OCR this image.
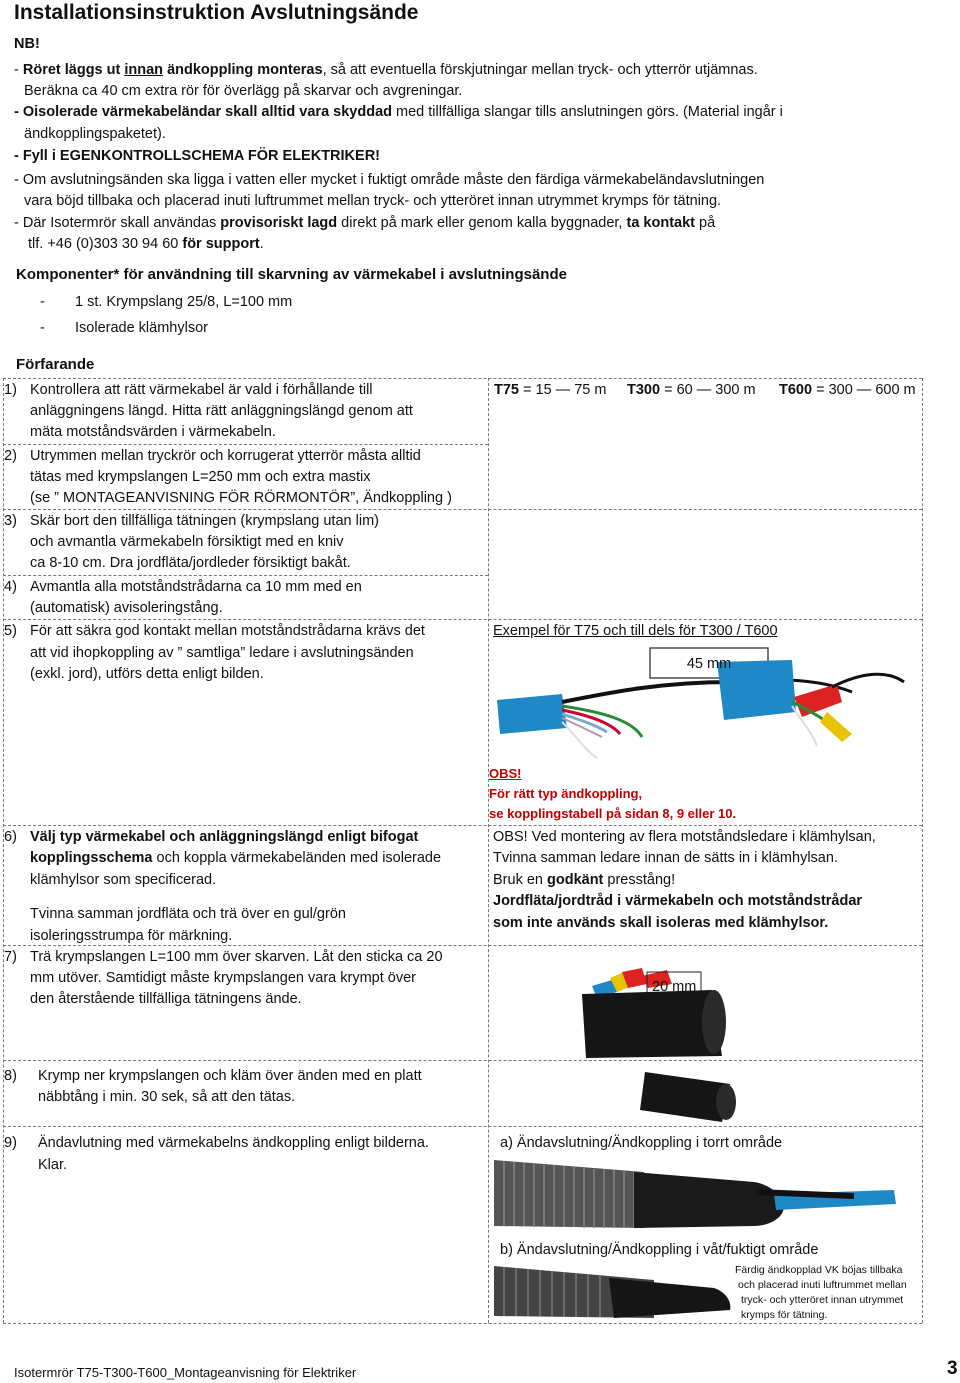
Installationsinstruktion Avslutningsände
NB!
- Röret läggs ut innan ändkoppling monteras, så att eventuella förskjutningar mellan tryck- och ytterrör utjämnas.
Beräkna ca 40 cm extra rör för överlägg på skarvar och avgreningar.
- Oisolerade värmekabeländar skall alltid vara skyddad med tillfälliga slangar tills anslutningen görs. (Material ingår i
ändkopplingspaketet).
- Fyll i EGENKONTROLLSCHEMA FÖR ELEKTRIKER!
- Om avslutningsänden ska ligga i vatten eller mycket i fuktigt område måste den färdiga värmekabeländavslutningen
vara böjd tillbaka och placerad inuti luftrummet mellan tryck- och ytteröret innan utrymmet krymps för tätning.
- Där Isotermrör skall användas provisoriskt lagd direkt på mark eller genom kalla byggnader, ta kontakt på
tlf. +46 (0)303 30 94 60 för support.
Komponenter* för användning till skarvning av värmekabel i avslutningsände
- 1 st. Krympslang 25/8, L=100 mm
- Isolerade klämhylsor
Förfarande
1) Kontrollera att rätt värmekabel är vald i förhållande till
anläggningens längd. Hitta rätt anläggningslängd genom att
mäta motståndsvärden i värmekabeln.
T75 = 15 — 75 m T300 = 60 — 300 m T600 = 300 — 600 m
2) Utrymmen mellan tryckrör och korrugerat ytterrör måsta alltid
tätas med krympslangen L=250 mm och extra mastix
(se ” MONTAGEANVISNING FÖR RÖRMONTÖR”, Ändkoppling )
3) Skär bort den tillfälliga tätningen (krympslang utan lim)
och avmantla värmekabeln försiktigt med en kniv
ca 8-10 cm. Dra jordfläta/jordleder försiktigt bakåt.
4) Avmantla alla motståndstrådarna ca 10 mm med en
(automatisk) avisoleringstång.
5) För att säkra god kontakt mellan motståndstrådarna krävs det
att vid ihopkoppling av ” samtliga” ledare i avslutningsänden
(exkl. jord), utförs detta enligt bilden.
Exempel för T75 och till dels för T300 / T600
45 mm
OBS!
För rätt typ ändkoppling,
se kopplingstabell på sidan 8, 9 eller 10.
6) Välj typ värmekabel och anläggningslängd enligt bifogat
kopplingsschema och koppla värmekabeländen med isolerade
klämhylsor som specificerad.
Tvinna samman jordfläta och trä över en gul/grön
isoleringsstrumpa för märkning.
OBS! Ved montering av flera motståndsledare i klämhylsan,
Tvinna samman ledare innan de sätts in i klämhylsan.
Bruk en godkänt presstång!
Jordfläta/jordtråd i värmekabeln och motståndstrådar
som inte används skall isoleras med klämhylsor.
7) Trä krympslangen L=100 mm över skarven. Låt den sticka ca 20
mm utöver. Samtidigt måste krympslangen vara krympt över
den återstående tillfälliga tätningens ände.
20 mm
8) Krymp ner krympslangen och kläm över änden med en platt
näbbtång i min. 30 sek, så att den tätas.
9) Ändavlutning med värmekabelns ändkoppling enligt bilderna.
Klar.
a) Ändavslutning/Ändkoppling i torrt område
b) Ändavslutning/Ändkoppling i våt/fuktigt område
Färdig ändkopplad VK böjas tillbaka
och placerad inuti luftrummet mellan
tryck- och ytteröret innan utrymmet
krymps för tätning.
Isotermrör T75-T300-T600_Montageanvisning för Elektriker	3
